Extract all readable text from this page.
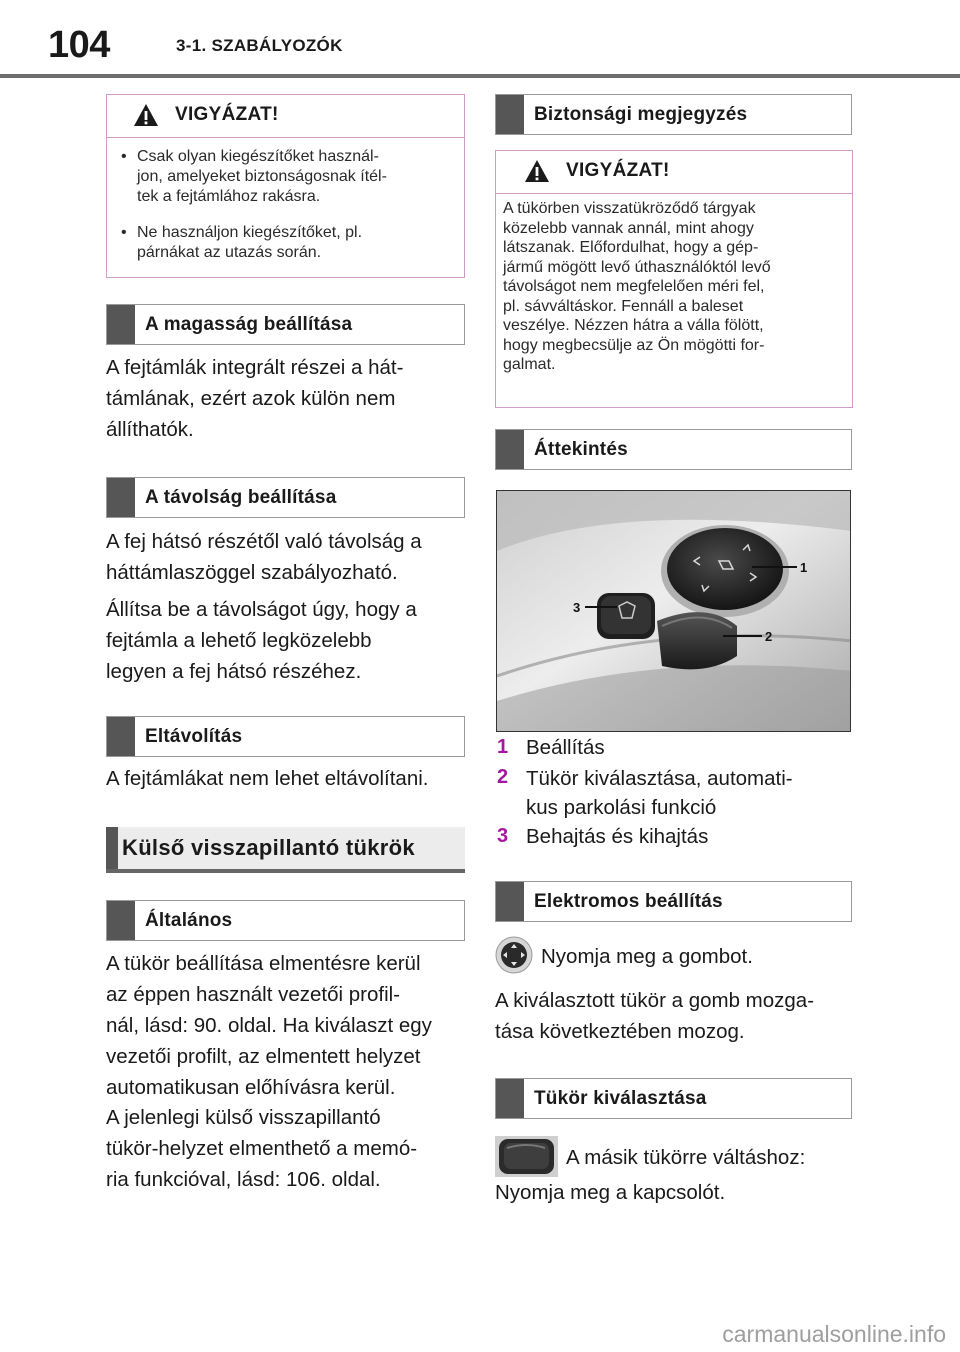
104	3-1. SZABÁLYOZÓK
VIGYÁZAT!
• Csak olyan kiegészítőket használ-
jon, amelyeket biztonságosnak ítél-
tek a fejtámlához rakásra.
• Ne használjon kiegészítőket, pl.
párnákat az utazás során.
A magasság beállítása

A fejtámlák integrált részei a hát-
támlának, ezért azok külön nem
állíthatók.

A távolság beállítása

A fej hátsó részétől való távolság a
háttámlaszöggel szabályozható.

Állítsa be a távolságot úgy, hogy a
fejtámla a lehető legközelebb
legyen a fej hátsó részéhez.

Eltávolítás

A fejtámlákat nem lehet eltávolítani.

Külső visszapillantó tükrök
Általános

A tükör beállítása elmentésre kerül
az éppen használt vezetői profil-
nál, lásd: 90. oldal. Ha kiválaszt egy
vezetői profilt, az elmentett helyzet
automatikusan előhívásra kerül.

A jelenlegi külső visszapillantó
tükör-helyzet elmenthető a memó-
ria funkcióval, lásd: 106. oldal.

Biztonsági megjegyzés
VIGYÁZAT!
A tükörben visszatükröződő tárgyak
közelebb vannak annál, mint ahogy
látszanak. Előfordulhat, hogy a gép-
jármű mögött levő úthasználóktól levő
távolságot nem megfelelően méri fel,
pl. sávváltáskor. Fennáll a baleset
veszélye. Nézzen hátra a válla fölött,
hogy megbecsülje az Ön mögötti for-
galmat.
Áttekintés
1
2
3
1 Beállítás
2 Tükör kiválasztása, automati-
kus parkolási funkció
3 Behajtás és kihajtás
Elektromos beállítás
Nyomja meg a gombot.

A kiválasztott tükör a gomb mozga-
tása következtében mozog.

Tükör kiválasztása
A másik tükörre váltáshoz:

Nyomja meg a kapcsolót.

carmanualsonline.info
